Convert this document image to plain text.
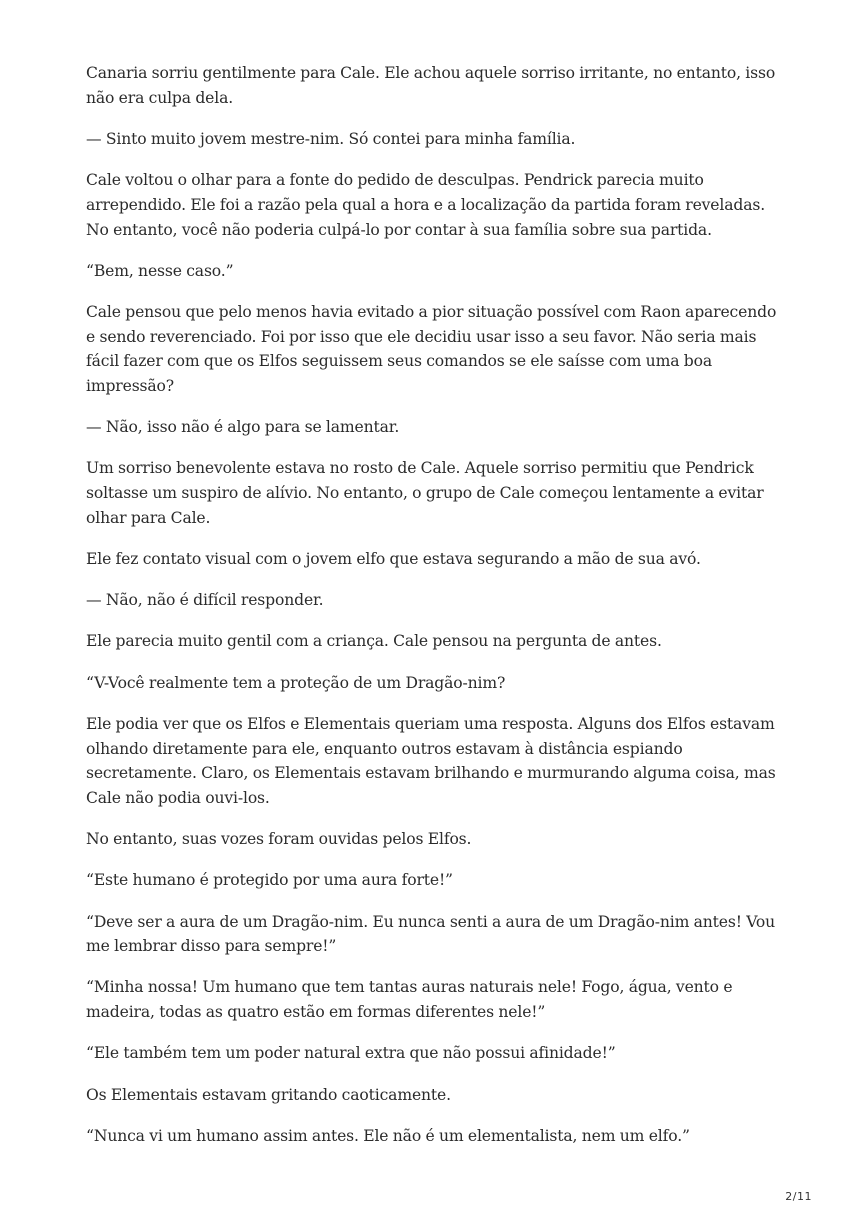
Canaria sorriu gentilmente para Cale. Ele achou aquele sorriso irritante, no entanto, isso não era culpa dela.

— Sinto muito jovem mestre-nim. Só contei para minha família.

Cale voltou o olhar para a fonte do pedido de desculpas. Pendrick parecia muito arrependido. Ele foi a razão pela qual a hora e a localização da partida foram reveladas. No entanto, você não poderia culpá-lo por contar à sua família sobre sua partida.

“Bem, nesse caso.”

Cale pensou que pelo menos havia evitado a pior situação possível com Raon aparecendo e sendo reverenciado. Foi por isso que ele decidiu usar isso a seu favor. Não seria mais fácil fazer com que os Elfos seguissem seus comandos se ele saísse com uma boa impressão?

— Não, isso não é algo para se lamentar.

Um sorriso benevolente estava no rosto de Cale. Aquele sorriso permitiu que Pendrick soltasse um suspiro de alívio. No entanto, o grupo de Cale começou lentamente a evitar olhar para Cale.

Ele fez contato visual com o jovem elfo que estava segurando a mão de sua avó.

— Não, não é difícil responder.

Ele parecia muito gentil com a criança. Cale pensou na pergunta de antes.

“V-Você realmente tem a proteção de um Dragão-nim?

Ele podia ver que os Elfos e Elementais queriam uma resposta. Alguns dos Elfos estavam olhando diretamente para ele, enquanto outros estavam à distância espiando secretamente. Claro, os Elementais estavam brilhando e murmurando alguma coisa, mas Cale não podia ouvi-los.

No entanto, suas vozes foram ouvidas pelos Elfos.

“Este humano é protegido por uma aura forte!”

“Deve ser a aura de um Dragão-nim. Eu nunca senti a aura de um Dragão-nim antes! Vou me lembrar disso para sempre!”

“Minha nossa! Um humano que tem tantas auras naturais nele! Fogo, água, vento e madeira, todas as quatro estão em formas diferentes nele!”

“Ele também tem um poder natural extra que não possui afinidade!”

Os Elementais estavam gritando caoticamente.

“Nunca vi um humano assim antes. Ele não é um elementalista, nem um elfo.”

2/11
